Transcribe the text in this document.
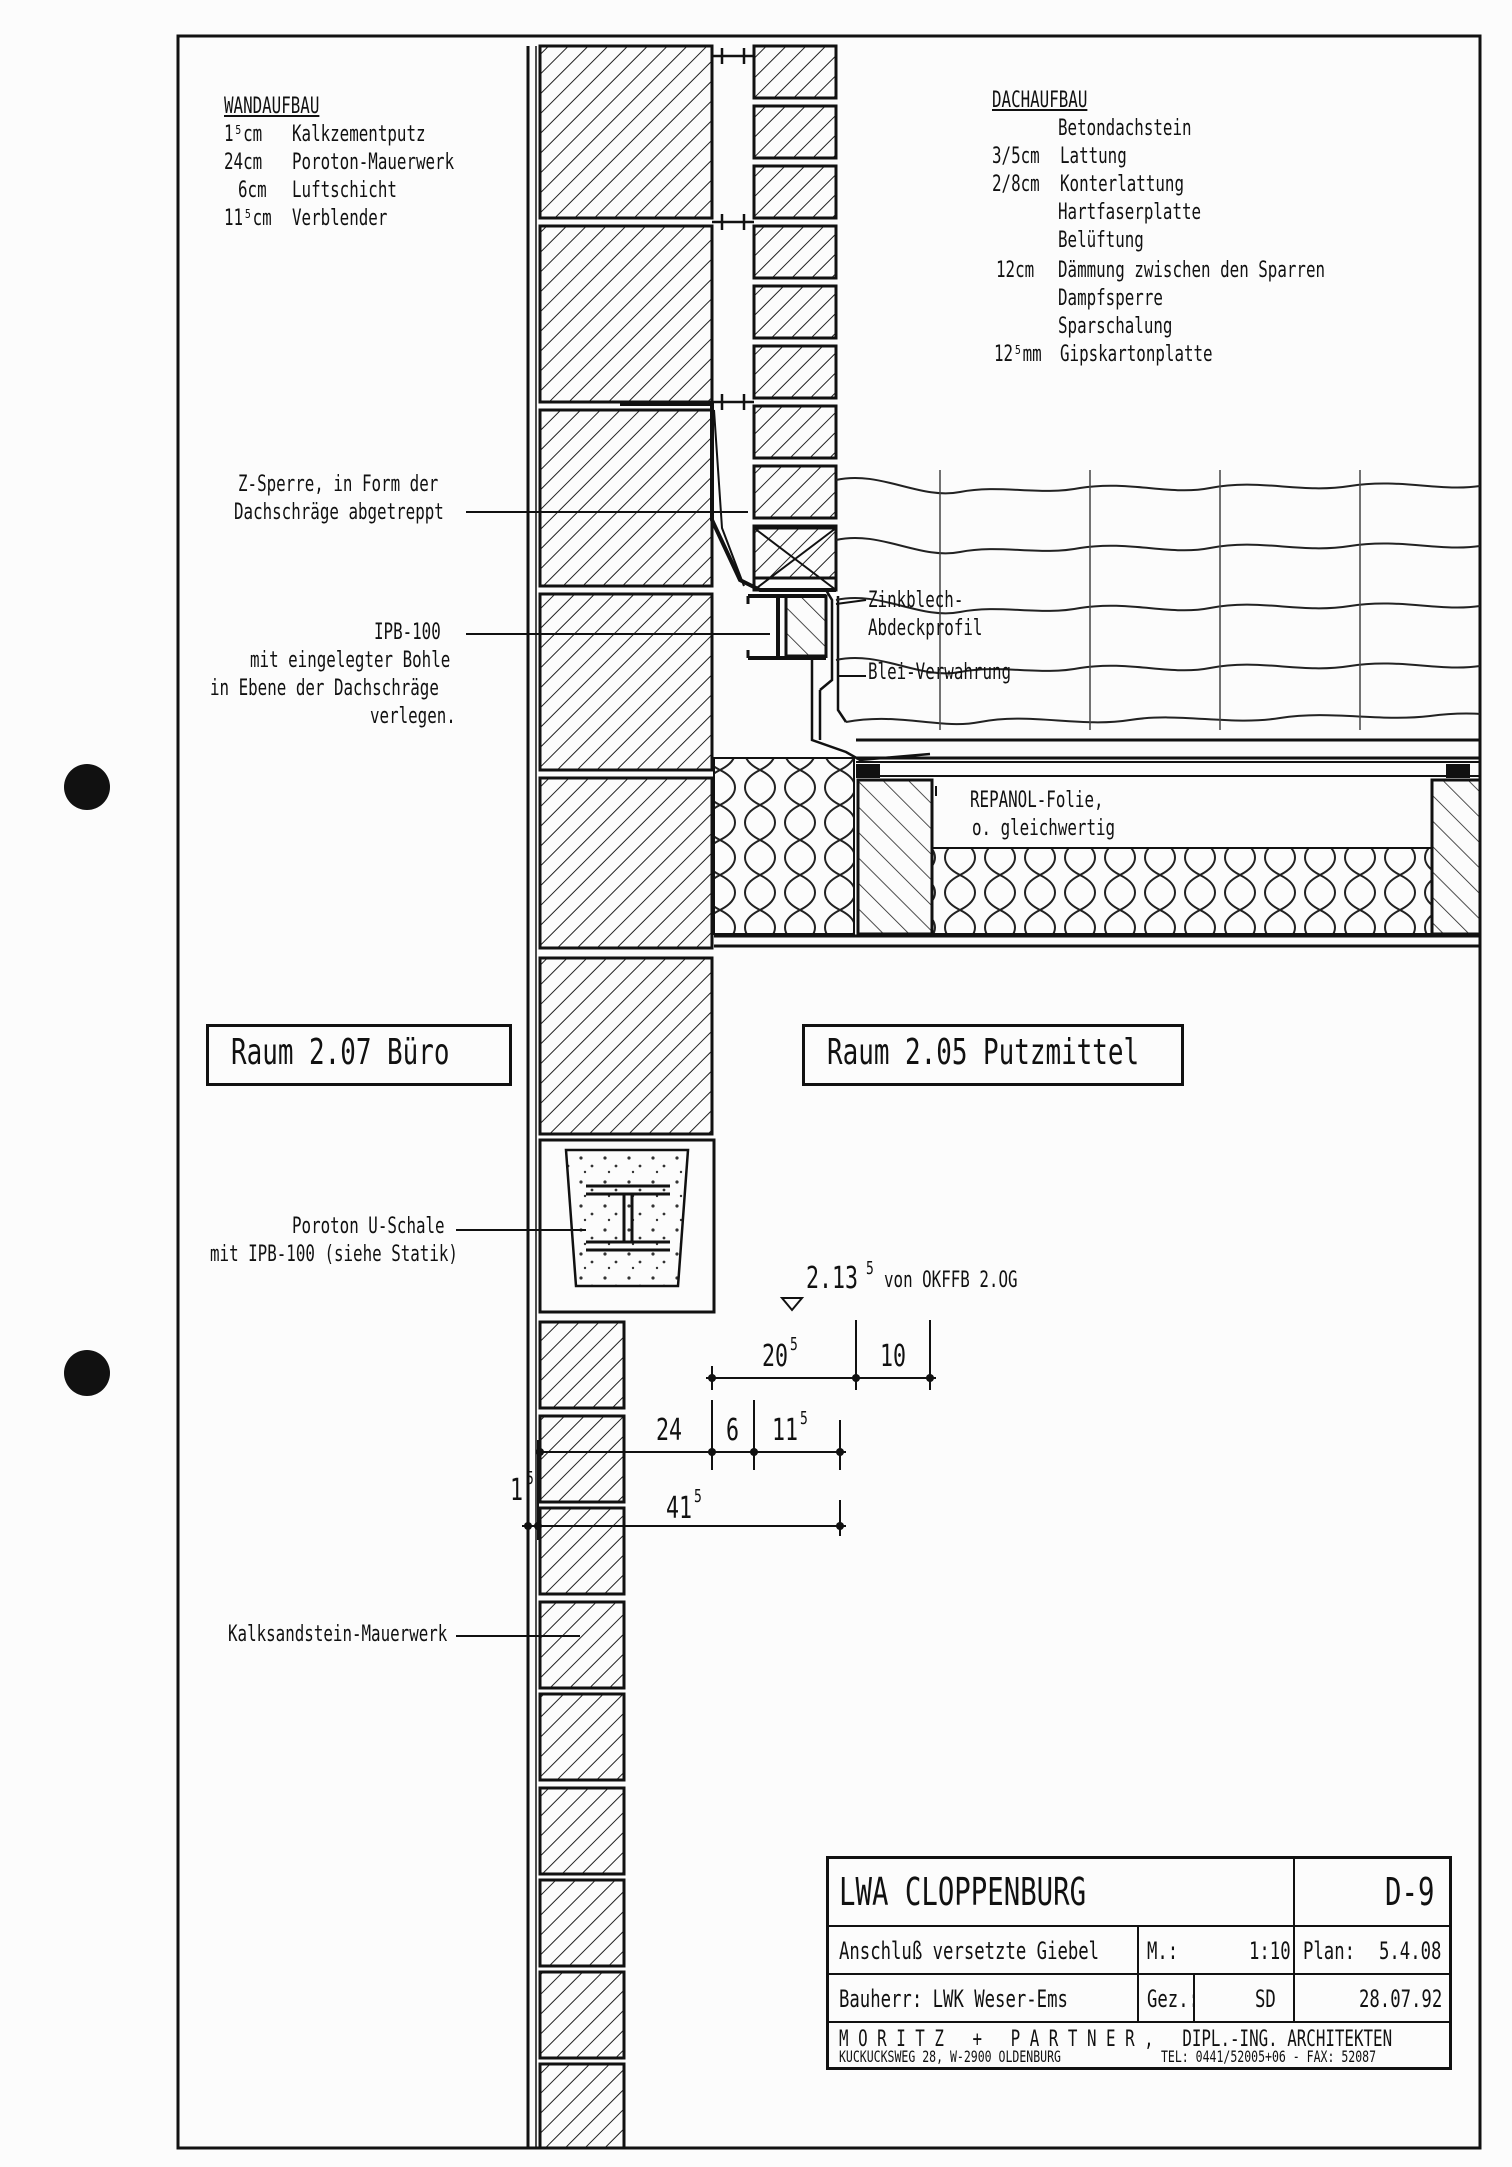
WANDAUFBAU
1⁵cm Kalkzementputz
24cm Poroton-Mauerwerk
6cm Luftschicht
11⁵cm Verblender
DACHAUFBAU
Betondachstein
3/5cm Lattung
2/8cm Konterlattung
Hartfaserplatte
Belüftung
12cm Dämmung zwischen den Sparren
Dampfsperre
Sparschalung
12⁵mm Gipskartonplatte
Z-Sperre, in Form der
Dachschräge abgetreppt
IPB-100
mit eingelegter Bohle
in Ebene der Dachschräge
verlegen.
Zinkblech-
Abdeckprofil
Blei-Verwahrung
REPANOL-Folie,
o. gleichwertig
Raum 2.07 Büro	Raum 2.05 Putzmittel
Poroton U-Schale
mit IPB-100 (siehe Statik)
2.13 5 von OKFFB 2.OG
20 5	10
24 6 11 5
1 5
41 5
Kalksandstein-Mauerwerk
LWA CLOPPENBURG	D-9
Anschluß versetzte Giebel M.:	1:10 Plan: 5.4.08
Bauherr: LWK Weser-Ems	Gez.: SD	28.07.92
M O R I T Z   +   P A R T N E R ,   DIPL.-ING. ARCHITEKTEN
KUCKUCKSWEG 28, W-2900 OLDENBURG	TEL: 0441/52005+06 - FAX: 52087
